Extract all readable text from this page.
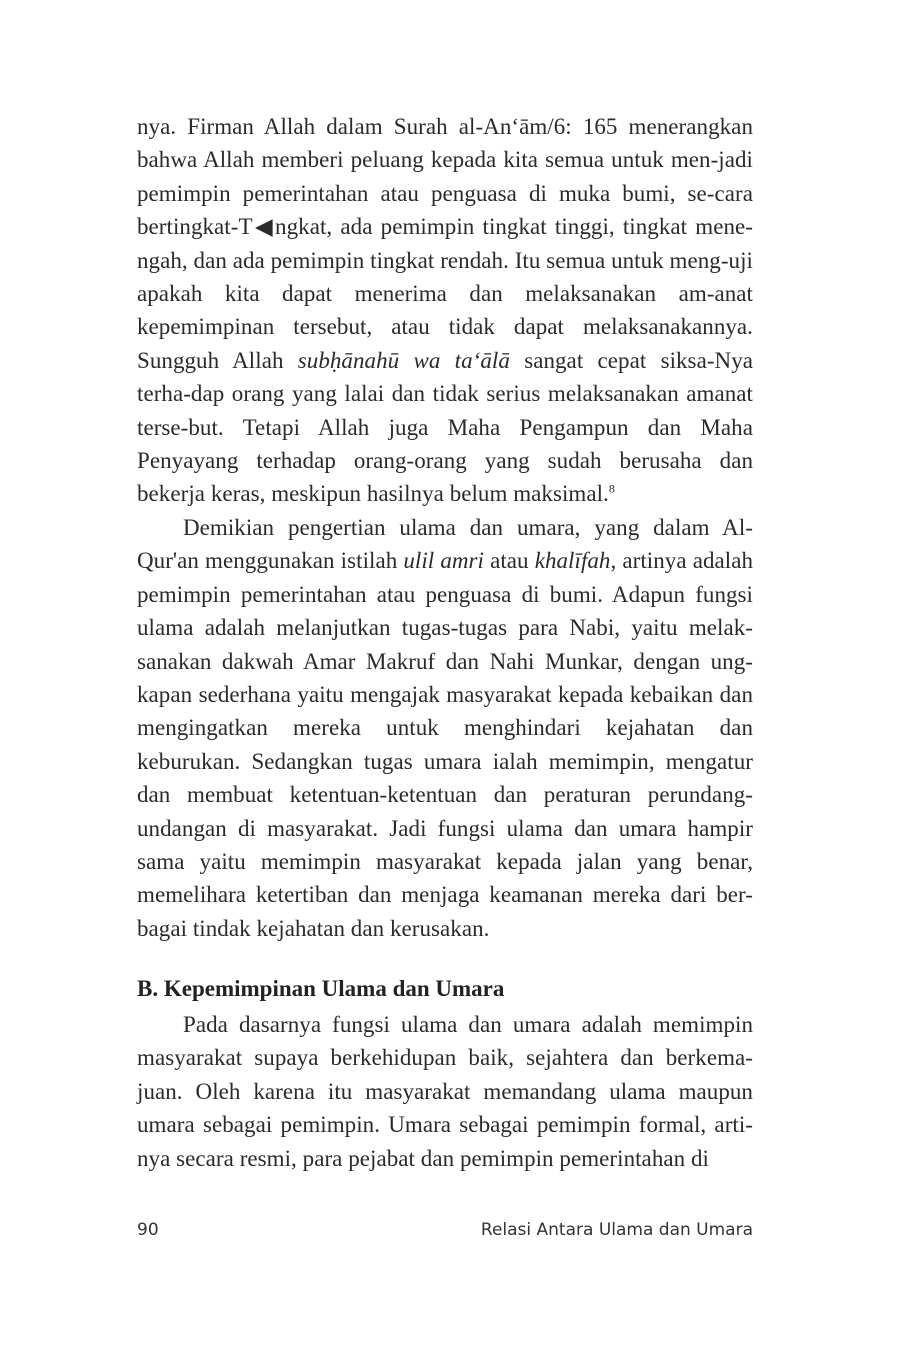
nya. Firman Allah dalam Surah al-An‘ām/6: 165 menerangkan bahwa Allah memberi peluang kepada kita semua untuk men-jadi pemimpin pemerintahan atau penguasa di muka bumi, se-cara bertingkat-T◀ngkat, ada pemimpin tingkat tinggi, tingkat mene-ngah, dan ada pemimpin tingkat rendah. Itu semua untuk meng-uji apakah kita dapat menerima dan melaksanakan am-anat kepemimpinan tersebut, atau tidak dapat melaksanakannya. Sungguh Allah subḥānahū wa ta‘ālā sangat cepat siksa-Nya terha-dap orang yang lalai dan tidak serius melaksanakan amanat terse-but. Tetapi Allah juga Maha Pengampun dan Maha Penyayang terhadap orang-orang yang sudah berusaha dan bekerja keras, meskipun hasilnya belum maksimal.$^8$
Demikian pengertian ulama dan umara, yang dalam Al-Qur'an menggunakan istilah ulil amri atau khalīfah, artinya adalah pemimpin pemerintahan atau penguasa di bumi. Adapun fungsi ulama adalah melanjutkan tugas-tugas para Nabi, yaitu melak-sanakan dakwah Amar Makruf dan Nahi Munkar, dengan ung-kapan sederhana yaitu mengajak masyarakat kepada kebaikan dan mengingatkan mereka untuk menghindari kejahatan dan keburukan. Sedangkan tugas umara ialah memimpin, mengatur dan membuat ketentuan-ketentuan dan peraturan perundang-undangan di masyarakat. Jadi fungsi ulama dan umara hampir sama yaitu memimpin masyarakat kepada jalan yang benar, memelihara ketertiban dan menjaga keamanan mereka dari ber-bagai tindak kejahatan dan kerusakan.
B. Kepemimpinan Ulama dan Umara
Pada dasarnya fungsi ulama dan umara adalah memimpin masyarakat supaya berkehidupan baik, sejahtera dan berkema-juan. Oleh karena itu masyarakat memandang ulama maupun umara sebagai pemimpin. Umara sebagai pemimpin formal, arti-nya secara resmi, para pejabat dan pemimpin pemerintahan di
90	Relasi Antara Ulama dan Umara
